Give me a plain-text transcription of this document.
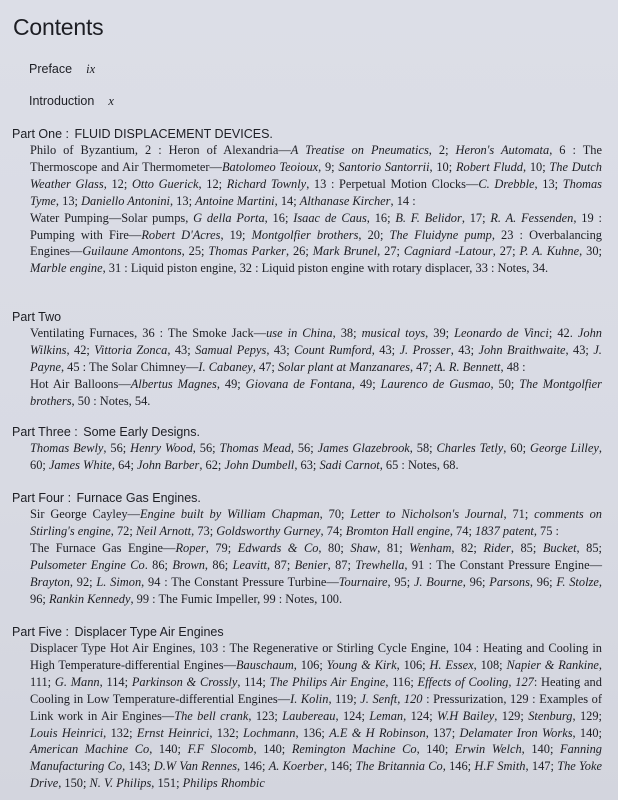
Contents
Preface ix
Introduction x
Part One : FLUID DISPLACEMENT DEVICES.

Philo of Byzantium, 2 : Heron of Alexandria—A Treatise on Pneumatics, 2; Heron's Automata, 6 : The Thermoscope and Air Thermometer—Batolomeo Teoioux, 9; Santorio Santorrii, 10; Robert Fludd, 10; The Dutch Weather Glass, 12; Otto Guerick, 12; Richard Townly, 13 : Perpetual Motion Clocks—C. Drebble, 13; Thomas Tyme, 13; Daniello Antonini, 13; Antoine Martini, 14; Althanase Kircher, 14 :

Water Pumping—Solar pumps, G della Porta, 16; Isaac de Caus, 16; B. F. Belidor, 17; R. A. Fessenden, 19 : Pumping with Fire—Robert D'Acres, 19; Montgolfier brothers, 20; The Fluidyne pump, 23 : Overbalancing Engines—Guilaune Amontons, 25; Thomas Parker, 26; Mark Brunel, 27; Cagniard -Latour, 27; P. A. Kuhne, 30; Marble engine, 31 : Liquid piston engine, 32 : Liquid piston engine with rotary displacer, 33 : Notes, 34.

Part Two

Ventilating Furnaces, 36 : The Smoke Jack—use in China, 38; musical toys, 39; Leonardo de Vinci; 42. John Wilkins, 42; Vittoria Zonca, 43; Samual Pepys, 43; Count Rumford, 43; J. Prosser, 43; John Braithwaite, 43; J. Payne, 45 : The Solar Chimney—I. Cabaney, 47; Solar plant at Manzanares, 47; A. R. Bennett, 48 :

Hot Air Balloons—Albertus Magnes, 49; Giovana de Fontana, 49; Laurenco de Gusmao, 50; The Montgolfier brothers, 50 : Notes, 54.

Part Three : Some Early Designs.

Thomas Bewly, 56; Henry Wood, 56; Thomas Mead, 56; James Glazebrook, 58; Charles Tetly, 60; George Lilley, 60; James White, 64; John Barber, 62; John Dumbell, 63; Sadi Carnot, 65 : Notes, 68.

Part Four : Furnace Gas Engines.

Sir George Cayley—Engine built by William Chapman, 70; Letter to Nicholson's Journal, 71; comments on Stirling's engine, 72; Neil Arnott, 73; Goldsworthy Gurney, 74; Bromton Hall engine, 74; 1837 patent, 75 :

The Furnace Gas Engine—Roper, 79; Edwards & Co, 80; Shaw, 81; Wenham, 82; Rider, 85; Bucket, 85; Pulsometer Engine Co. 86; Brown, 86; Leavitt, 87; Benier, 87; Trewhella, 91 : The Constant Pressure Engine—Brayton, 92; L. Simon, 94 : The Constant Pressure Turbine—Tournaire, 95; J. Bourne, 96; Parsons, 96; F. Stolze, 96; Rankin Kennedy, 99 : The Fumic Impeller, 99 : Notes, 100.

Part Five : Displacer Type Air Engines

Displacer Type Hot Air Engines, 103 : The Regenerative or Stirling Cycle Engine, 104 : Heating and Cooling in High Temperature-differential Engines—Bauschaum, 106; Young & Kirk, 106; H. Essex, 108; Napier & Rankine, 111; G. Mann, 114; Parkinson & Crossly, 114; The Philips Air Engine, 116; Effects of Cooling, 127: Heating and Cooling in Low Temperature-differential Engines—I. Kolin, 119; J. Senft, 120 : Pressurization, 129 : Examples of Link work in Air Engines—The bell crank, 123; Laubereau, 124; Leman, 124; W.H Bailey, 129; Stenburg, 129; Louis Heinrici, 132; Ernst Heinrici, 132; Lochmann, 136; A.E & H Robinson, 137; Delamater Iron Works, 140; American Machine Co, 140; F.F Slocomb, 140; Remington Machine Co, 140; Erwin Welch, 140; Fanning Manufacturing Co, 143; D.W Van Rennes, 146; A. Koerber, 146; The Britannia Co, 146; H.F Smith, 147; The Yoke Drive, 150; N. V. Philips, 151; Philips Rhombic
